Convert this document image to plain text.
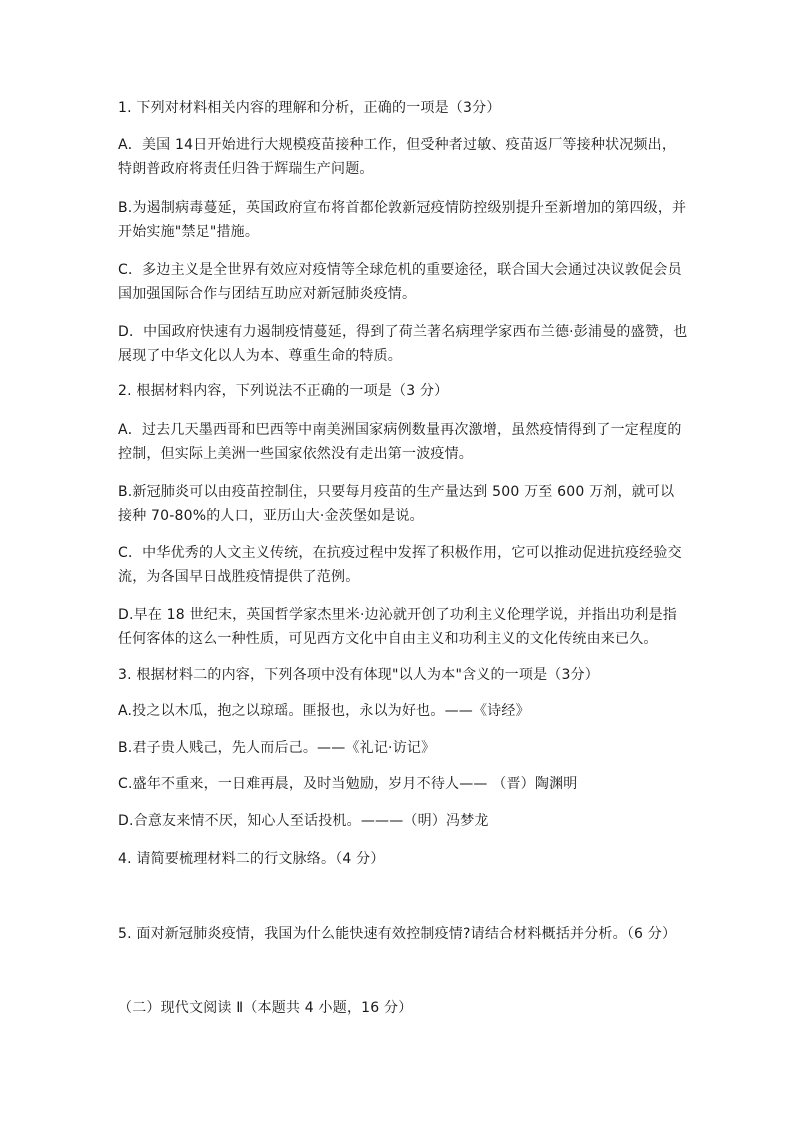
1. 下列对材料相关内容的理解和分析，正确的一项是（3分）
A．美国 14日开始进行大规模疫苗接种工作，但受种者过敏、疫苗返厂等接种状况频出，特朗普政府将责任归咎于辉瑞生产问题。
B.为遏制病毒蔓延，英国政府宣布将首都伦敦新冠疫情防控级别提升至新增加的第四级，并开始实施"禁足"措施。
C．多边主义是全世界有效应对疫情等全球危机的重要途径，联合国大会通过决议敦促会员国加强国际合作与团结互助应对新冠肺炎疫情。
D．中国政府快速有力遏制疫情蔓延，得到了荷兰著名病理学家西布兰德·彭浦曼的盛赞，也展现了中华文化以人为本、尊重生命的特质。
2. 根据材料内容，下列说法不正确的一项是（3 分）
A．过去几天墨西哥和巴西等中南美洲国家病例数量再次激增，虽然疫情得到了一定程度的控制，但实际上美洲一些国家依然没有走出第一波疫情。
B.新冠肺炎可以由疫苗控制住，只要每月疫苗的生产量达到 500 万至 600 万剂，就可以接种 70-80%的人口，亚历山大·金茨堡如是说。
C．中华优秀的人文主义传统，在抗疫过程中发挥了积极作用，它可以推动促进抗疫经验交流，为各国早日战胜疫情提供了范例。
D.早在 18 世纪末，英国哲学家杰里米·边沁就开创了功利主义伦理学说，并指出功利是指任何客体的这么一种性质，可见西方文化中自由主义和功利主义的文化传统由来已久。
3. 根据材料二的内容，下列各项中没有体现"以人为本"含义的一项是（3分）
A.投之以木瓜，抱之以琼瑶。匪报也，永以为好也。——《诗经》
B.君子贵人贱己，先人而后己。——《礼记·访记》
C.盛年不重来，一日难再晨，及时当勉励，岁月不待人—— （晋）陶渊明
D.合意友来情不厌，知心人至话投机。———（明）冯梦龙
4. 请简要梳理材料二的行文脉络。（4 分）
5. 面对新冠肺炎疫情，我国为什么能快速有效控制疫情?请结合材料概括并分析。（6 分）
（二）现代文阅读 Ⅱ（本题共 4 小题，16 分）
